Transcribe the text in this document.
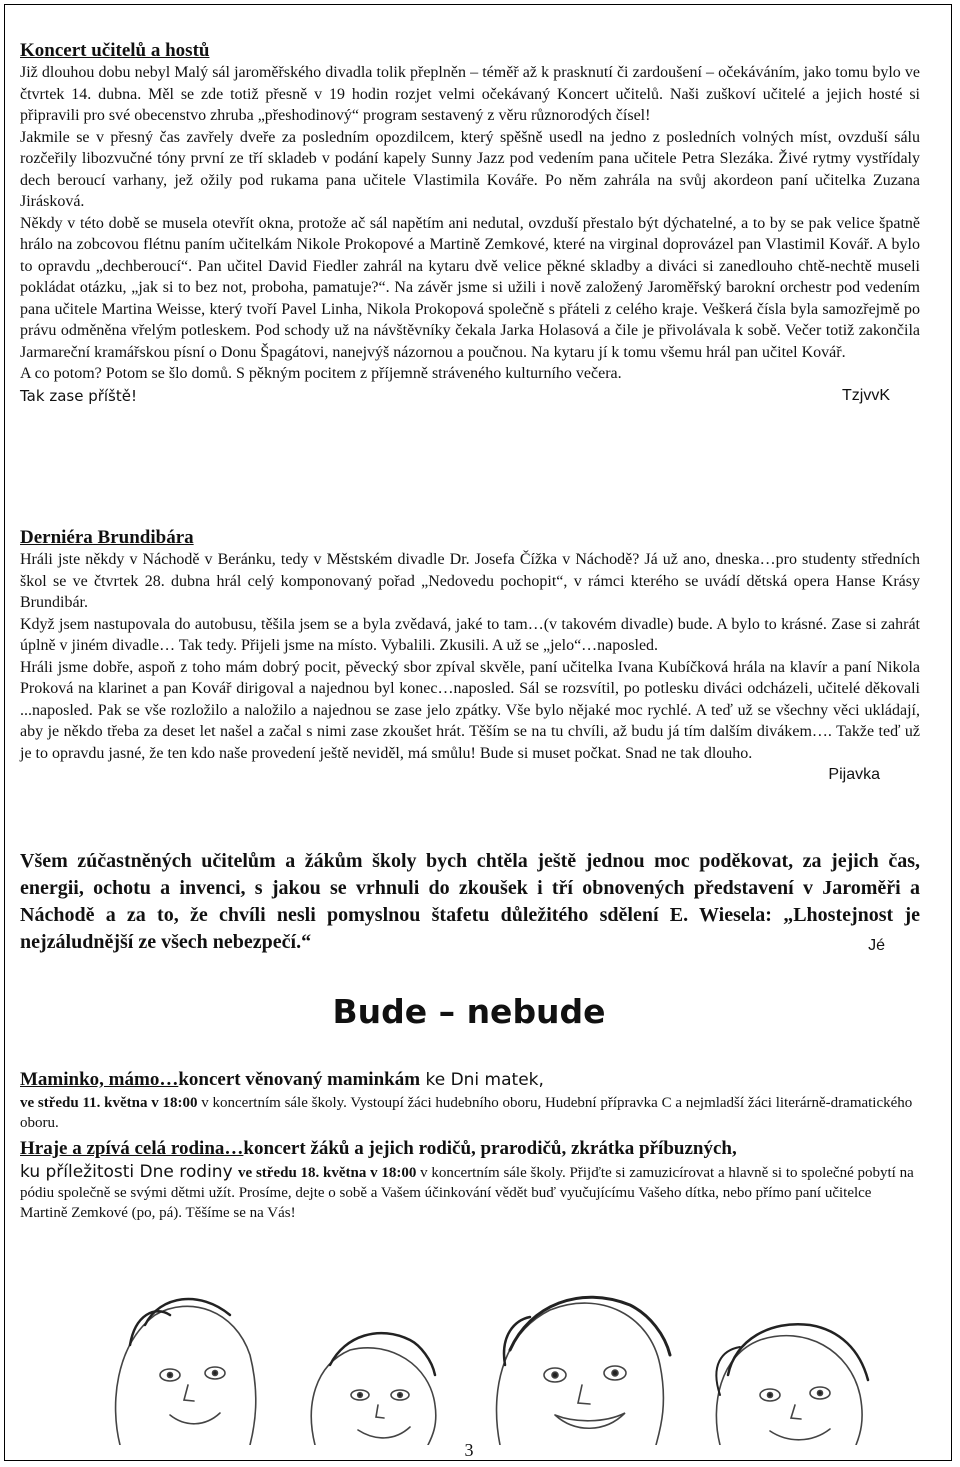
Koncert učitelů a hostů

Již dlouhou dobu nebyl Malý sál jaroměřského divadla tolik přeplněn – téměř až k prasknutí či zardoušení – očekáváním, jako tomu bylo ve čtvrtek 14. dubna. Měl se zde totiž přesně v 19 hodin rozjet velmi očekávaný Koncert učitelů. Naši zuškoví učitelé a jejich hosté si připravili pro své obecenstvo zhruba „přeshodinový“ program sestavený z věru různorodých čísel!

Jakmile se v přesný čas zavřely dveře za posledním opozdilcem, který spěšně usedl na jedno z posledních volných míst, ovzduší sálu rozčeřily libozvučné tóny první ze tří skladeb v podání kapely Sunny Jazz pod vedením pana učitele Petra Slezáka. Živé rytmy vystřídaly dech beroucí varhany, jež ožily pod rukama pana učitele Vlastimila Kováře. Po něm zahrála na svůj akordeon paní učitelka Zuzana Jirásková.

Někdy v této době se musela otevřít okna, protože ač sál napětím ani nedutal, ovzduší přestalo být dýchatelné, a to by se pak velice špatně hrálo na zobcovou flétnu paním učitelkám Nikole Prokopové a Martině Zemkové, které na virginal doprovázel pan Vlastimil Kovář. A bylo to opravdu „dechberoucí“. Pan učitel David Fiedler zahrál na kytaru dvě velice pěkné skladby a diváci si zanedlouho chtě-nechtě museli pokládat otázku, „jak si to bez not, proboha, pamatuje?“. Na závěr jsme si užili i nově založený Jaroměřský barokní orchestr pod vedením pana učitele Martina Weisse, který tvoří Pavel Linha, Nikola Prokopová společně s přáteli z celého kraje. Veškerá čísla byla samozřejmě po právu odměněna vřelým potleskem. Pod schody už na návštěvníky čekala Jarka Holasová a čile je přivolávala k sobě. Večer totiž zakončila Jarmareční kramářskou písní o Donu Špagátovi, nanejvýš názornou a poučnou. Na kytaru jí k tomu všemu hrál pan učitel Kovář.

A co potom? Potom se šlo domů. S pěkným pocitem z příjemně stráveného kulturního večera.

Tak zase příště!	TzjvvK
Derniéra Brundibára

Hráli jste někdy v Náchodě v Beránku, tedy v Městském divadle Dr. Josefa Čížka v Náchodě? Já už ano, dneska…pro studenty středních škol se ve čtvrtek 28. dubna hrál celý komponovaný pořad „Nedovedu pochopit“, v rámci kterého se uvádí dětská opera Hanse Krásy Brundibár.

Když jsem nastupovala do autobusu, těšila jsem se a byla zvědavá, jaké to tam…(v takovém divadle) bude. A bylo to krásné. Zase si zahrát úplně v jiném divadle… Tak tedy. Přijeli jsme na místo. Vybalili. Zkusili. A už se „jelo“…naposled.

Hráli jsme dobře, aspoň z toho mám dobrý pocit, pěvecký sbor zpíval skvěle, paní učitelka Ivana Kubíčková hrála na klavír a paní Nikola Proková na klarinet a pan Kovář dirigoval a najednou byl konec…naposled. Sál se rozsvítil, po potlesku diváci odcházeli, učitelé děkovali ...naposled. Pak se vše rozložilo a naložilo a najednou se zase jelo zpátky. Vše bylo nějaké moc rychlé. A teď už se všechny věci ukládají, aby je někdo třeba za deset let našel a začal s nimi zase zkoušet hrát. Těším se na tu chvíli, až budu já tím dalším divákem…. Takže teď už je to opravdu jasné, že ten kdo naše provedení ještě neviděl, má smůlu! Bude si muset počkat. Snad ne tak dlouho.

Pijavka

Všem zúčastněných učitelům a žákům školy bych chtěla ještě jednou moc poděkovat, za jejich čas, energii, ochotu a invenci, s jakou se vrhnuli do zkoušek i tří obnovených představení v Jaroměři a Náchodě a za to, že chvíli nesli pomyslnou štafetu důležitého sdělení E. Wiesela: „Lhostejnost je nejzáludnější ze všech nebezpečí.“	Jé

Bude – nebude
Maminko, mámo…koncert věnovaný maminkám ke Dni matek,

ve středu 11. května v 18:00 v koncertním sále školy. Vystoupí žáci hudebního oboru, Hudební přípravka C a nejmladší žáci literárně-dramatického oboru.

Hraje a zpívá celá rodina…koncert žáků a jejich rodičů, prarodičů, zkrátka příbuzných,

ku příležitosti Dne rodiny ve středu 18. května v 18:00 v koncertním sále školy. Přijďte si zamuzicírovat a hlavně si to společné pobytí na pódiu společně se svými dětmi užít. Prosíme, dejte o sobě a Vašem účinkování vědět buď vyučujícímu Vašeho dítka, nebo přímo paní učitelce Martině Zemkové (po, pá). Těšíme se na Vás!

3
